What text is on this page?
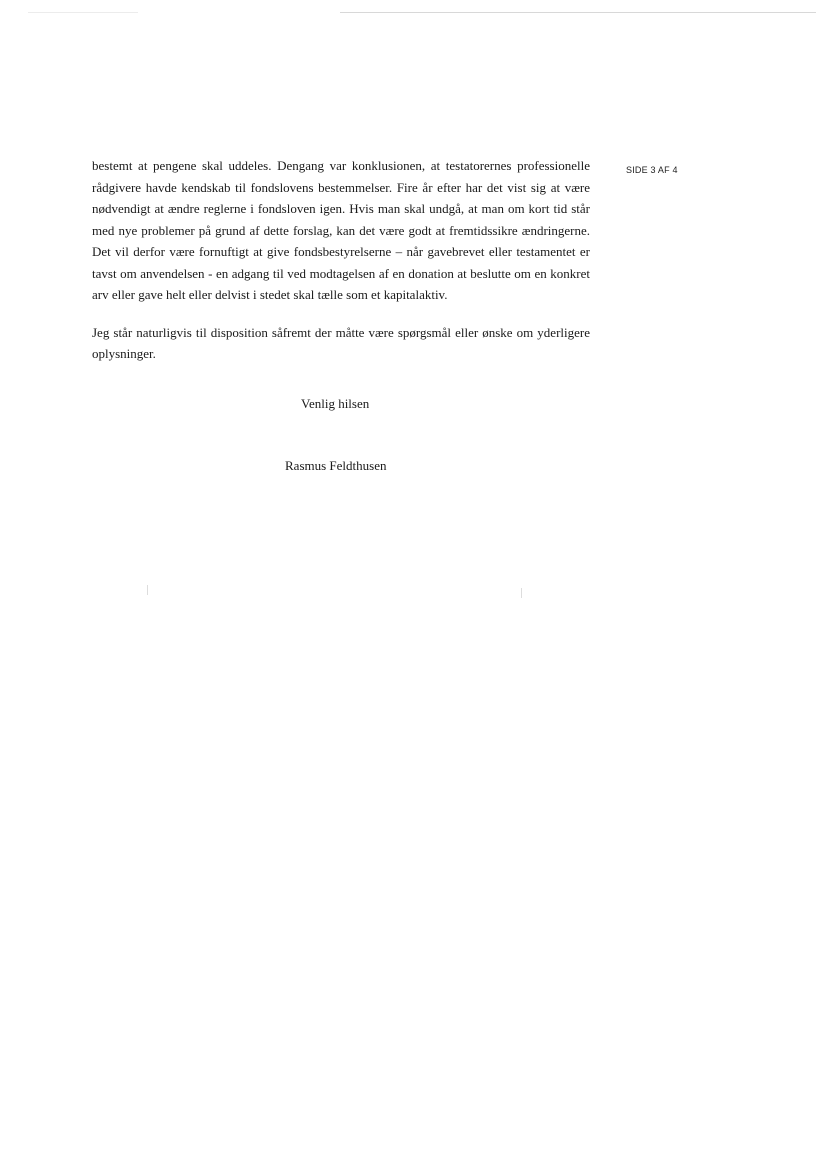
SIDE 3 AF 4

bestemt at pengene skal uddeles. Dengang var konklusionen, at testatorernes professionelle rådgivere havde kendskab til fondslovens bestemmelser. Fire år efter har det vist sig at være nødvendigt at ændre reglerne i fondsloven igen. Hvis man skal undgå, at man om kort tid står med nye problemer på grund af dette forslag, kan det være godt at fremtidssikre ændringerne. Det vil derfor være fornuftigt at give fondsbestyrelserne – når gavebrevet eller testamentet er tavst om anvendelsen - en adgang til ved modtagelsen af en donation at beslutte om en konkret arv eller gave helt eller delvist i stedet skal tælle som et kapitalaktiv.

Jeg står naturligvis til disposition såfremt der måtte være spørgsmål eller ønske om yderligere oplysninger.

Venlig hilsen
Rasmus Feldthusen
